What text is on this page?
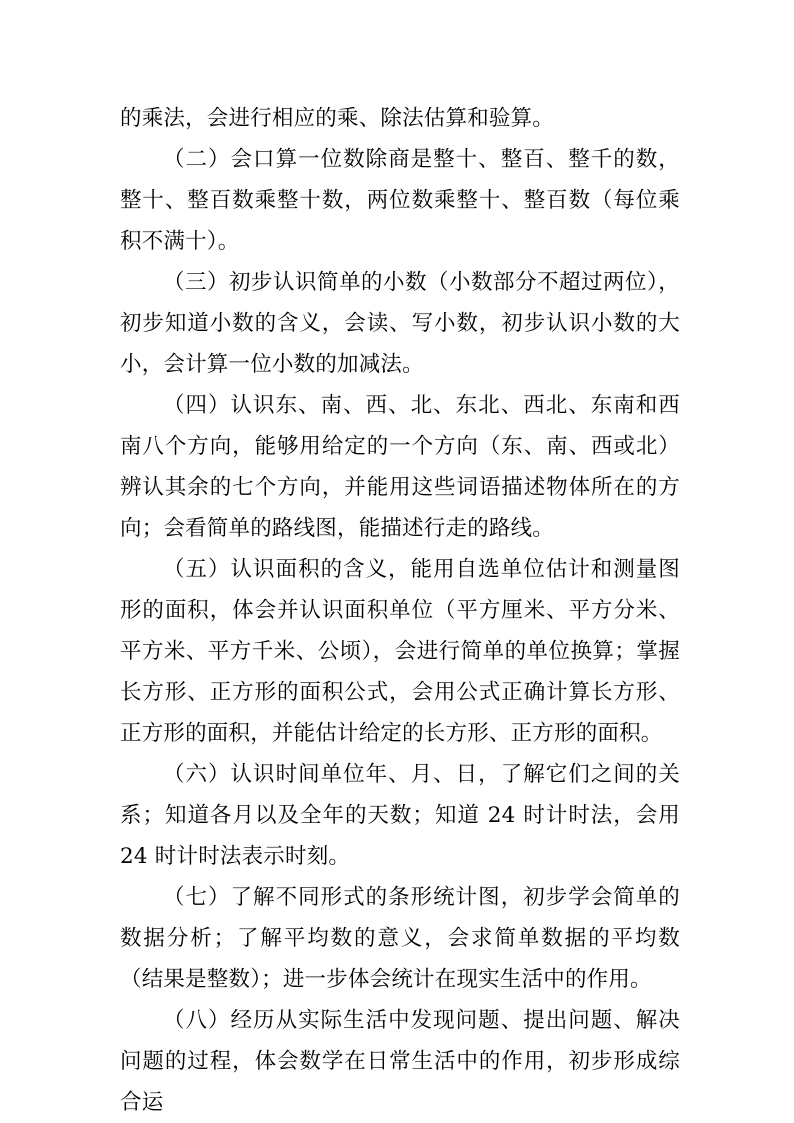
的乘法，会进行相应的乘、除法估算和验算。

（二）会口算一位数除商是整十、整百、整千的数，整十、整百数乘整十数，两位数乘整十、整百数（每位乘积不满十）。

（三）初步认识简单的小数（小数部分不超过两位），初步知道小数的含义，会读、写小数，初步认识小数的大小，会计算一位小数的加减法。

（四）认识东、南、西、北、东北、西北、东南和西南八个方向，能够用给定的一个方向（东、南、西或北）辨认其余的七个方向，并能用这些词语描述物体所在的方向；会看简单的路线图，能描述行走的路线。

（五）认识面积的含义，能用自选单位估计和测量图形的面积，体会并认识面积单位（平方厘米、平方分米、平方米、平方千米、公顷），会进行简单的单位换算；掌握长方形、正方形的面积公式，会用公式正确计算长方形、正方形的面积，并能估计给定的长方形、正方形的面积。

（六）认识时间单位年、月、日，了解它们之间的关系；知道各月以及全年的天数；知道 24 时计时法，会用 24 时计时法表示时刻。

（七）了解不同形式的条形统计图，初步学会简单的数据分析；了解平均数的意义，会求简单数据的平均数（结果是整数）；进一步体会统计在现实生活中的作用。

（八）经历从实际生活中发现问题、提出问题、解决问题的过程，体会数学在日常生活中的作用，初步形成综合运
